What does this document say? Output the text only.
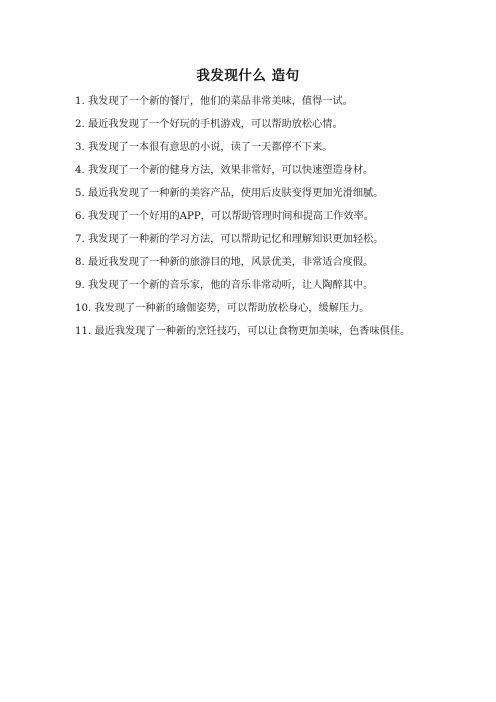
我发现什么 造句
1. 我发现了一个新的餐厅，他们的菜品非常美味，值得一试。
2. 最近我发现了一个好玩的手机游戏，可以帮助放松心情。
3. 我发现了一本很有意思的小说，读了一天都停不下来。
4. 我发现了一个新的健身方法，效果非常好，可以快速塑造身材。
5. 最近我发现了一种新的美容产品，使用后皮肤变得更加光滑细腻。
6. 我发现了一个好用的APP，可以帮助管理时间和提高工作效率。
7. 我发现了一种新的学习方法，可以帮助记忆和理解知识更加轻松。
8. 最近我发现了一种新的旅游目的地，风景优美，非常适合度假。
9. 我发现了一个新的音乐家，他的音乐非常动听，让人陶醉其中。
10. 我发现了一种新的瑜伽姿势，可以帮助放松身心，缓解压力。
11. 最近我发现了一种新的烹饪技巧，可以让食物更加美味，色香味俱佳。
